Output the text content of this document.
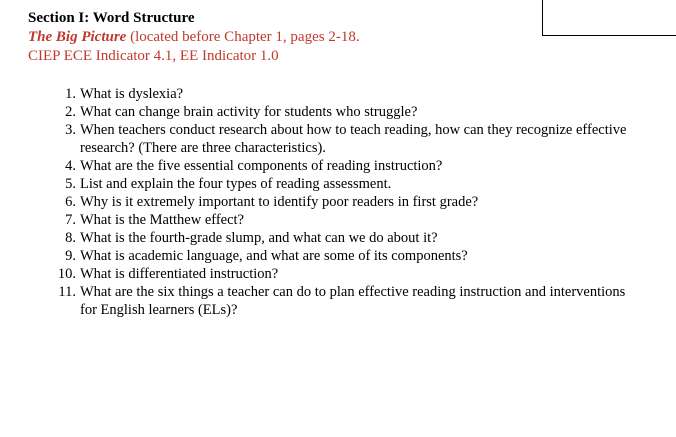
Section I: Word Structure
The Big Picture (located before Chapter 1, pages 2-18.
CIEP ECE Indicator 4.1, EE Indicator 1.0
1. What is dyslexia?
2. What can change brain activity for students who struggle?
3. When teachers conduct research about how to teach reading, how can they recognize effective research? (There are three characteristics).
4. What are the five essential components of reading instruction?
5. List and explain the four types of reading assessment.
6. Why is it extremely important to identify poor readers in first grade?
7. What is the Matthew effect?
8. What is the fourth-grade slump, and what can we do about it?
9. What is academic language, and what are some of its components?
10. What is differentiated instruction?
11. What are the six things a teacher can do to plan effective reading instruction and interventions for English learners (ELs)?
